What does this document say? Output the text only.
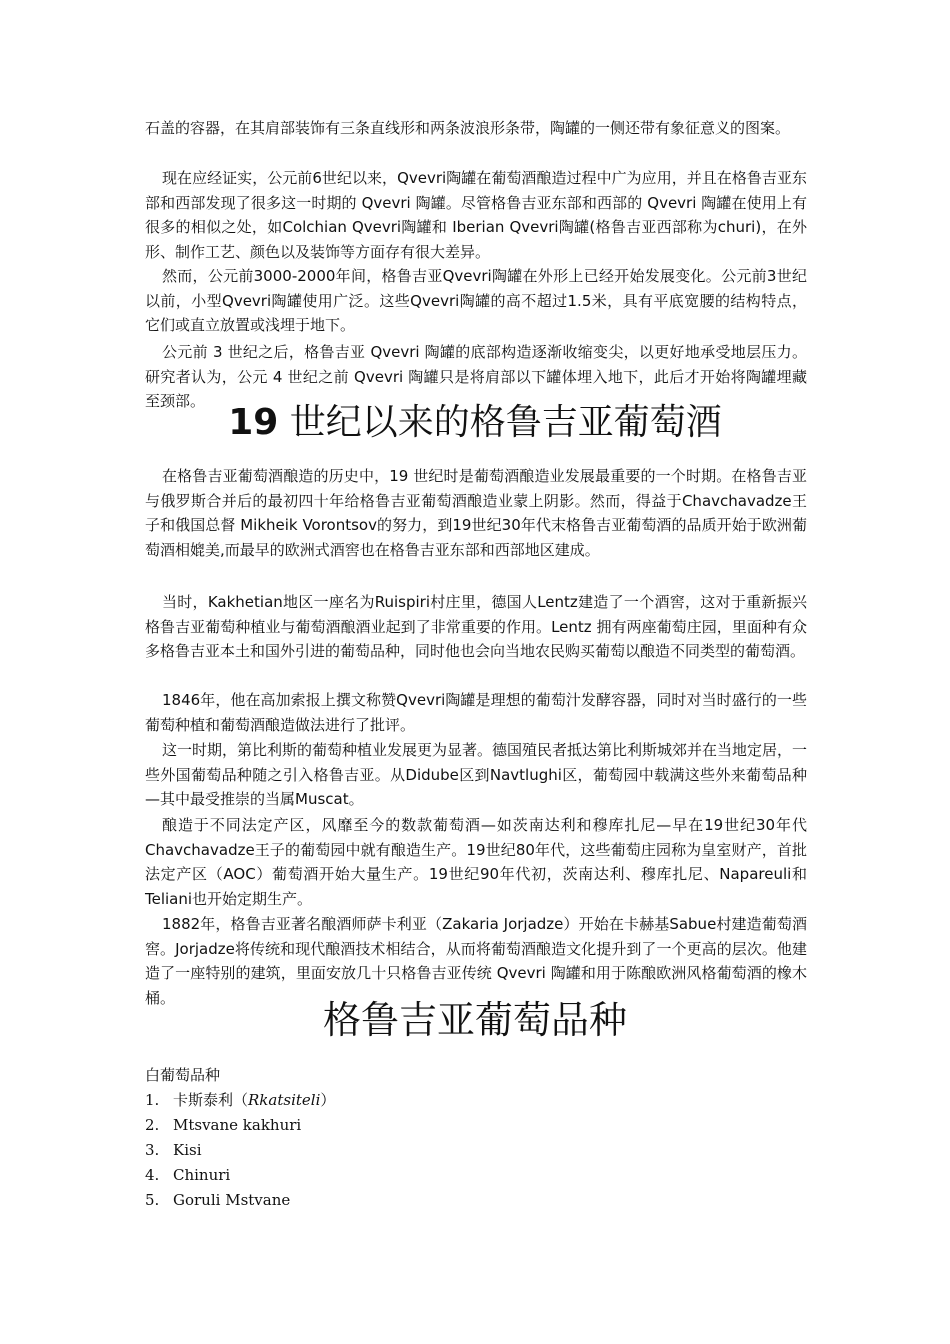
石盖的容器，在其肩部装饰有三条直线形和两条波浪形条带，陶罐的一侧还带有象征意义的图案。

现在应经证实，公元前6世纪以来，Qvevri陶罐在葡萄酒酿造过程中广为应用，并且在格鲁吉亚东部和西部发现了很多这一时期的 Qvevri 陶罐。尽管格鲁吉亚东部和西部的 Qvevri 陶罐在使用上有很多的相似之处，如Colchian Qvevri陶罐和 Iberian Qvevri陶罐(格鲁吉亚西部称为churi)，在外形、制作工艺、颜色以及装饰等方面存有很大差异。

然而，公元前3000-2000年间，格鲁吉亚Qvevri陶罐在外形上已经开始发展变化。公元前3世纪以前，小型Qvevri陶罐使用广泛。这些Qvevri陶罐的高不超过1.5米，具有平底宽腰的结构特点，它们或直立放置或浅埋于地下。

公元前 3 世纪之后，格鲁吉亚 Qvevri 陶罐的底部构造逐渐收缩变尖，以更好地承受地层压力。研究者认为，公元 4 世纪之前 Qvevri 陶罐只是将肩部以下罐体埋入地下，此后才开始将陶罐埋藏至颈部。

19 世纪以来的格鲁吉亚葡萄酒

在格鲁吉亚葡萄酒酿造的历史中，19 世纪时是葡萄酒酿造业发展最重要的一个时期。在格鲁吉亚与俄罗斯合并后的最初四十年给格鲁吉亚葡萄酒酿造业蒙上阴影。然而，得益于Chavchavadze王子和俄国总督 Mikheik Vorontsov的努力，到19世纪30年代末格鲁吉亚葡萄酒的品质开始于欧洲葡萄酒相媲美,而最早的欧洲式酒窖也在格鲁吉亚东部和西部地区建成。

当时，Kakhetian地区一座名为Ruispiri村庄里，德国人Lentz建造了一个酒窖，这对于重新振兴格鲁吉亚葡萄种植业与葡萄酒酿酒业起到了非常重要的作用。Lentz 拥有两座葡萄庄园，里面种有众多格鲁吉亚本土和国外引进的葡萄品种，同时他也会向当地农民购买葡萄以酿造不同类型的葡萄酒。

1846年，他在高加索报上撰文称赞Qvevri陶罐是理想的葡萄汁发酵容器，同时对当时盛行的一些葡萄种植和葡萄酒酿造做法进行了批评。

这一时期，第比利斯的葡萄种植业发展更为显著。德国殖民者抵达第比利斯城郊并在当地定居，一些外国葡萄品种随之引入格鲁吉亚。从Didube区到Navtlughi区，葡萄园中载满这些外来葡萄品种—其中最受推崇的当属Muscat。

酿造于不同法定产区，风靡至今的数款葡萄酒—如茨南达利和穆库扎尼—早在19世纪30年代Chavchavadze王子的葡萄园中就有酿造生产。19世纪80年代，这些葡萄庄园称为皇室财产，首批法定产区（AOC）葡萄酒开始大量生产。19世纪90年代初，茨南达利、穆库扎尼、Napareuli和Teliani也开始定期生产。

1882年，格鲁吉亚著名酿酒师萨卡利亚（Zakaria Jorjadze）开始在卡赫基Sabue村建造葡萄酒窖。Jorjadze将传统和现代酿酒技术相结合，从而将葡萄酒酿造文化提升到了一个更高的层次。他建造了一座特别的建筑，里面安放几十只格鲁吉亚传统 Qvevri 陶罐和用于陈酿欧洲风格葡萄酒的橡木桶。

格鲁吉亚葡萄品种

白葡萄品种

1. 卡斯泰利（Rkatsiteli）
2. Mtsvane kakhuri
3. Kisi
4. Chinuri
5. Goruli Mstvane
